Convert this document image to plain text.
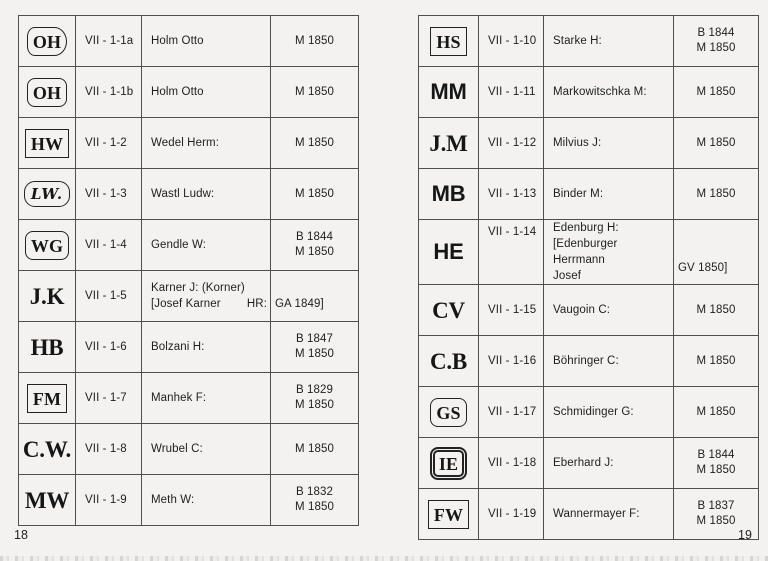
OH	VII - 1-1a	Holm Otto	M 1850

OH	VII - 1-1b	Holm Otto	M 1850

HW	VII - 1-2	Wedel Herm:	M 1850

LW.	VII - 1-3	Wastl Ludw:	M 1850

WG	VII - 1-4	Gendle W:	B 1844
M 1850

J.K	VII - 1-5	Karner J: (Korner)
[Josef Karner HR:	GA 1849]

HB	VII - 1-6	Bolzani H:	B 1847
M 1850

FM	VII - 1-7	Manhek F:	B 1829
M 1850

C.W.	VII - 1-8	Wrubel C:	M 1850

MW	VII - 1-9	Meth W:	B 1832
M 1850
HS	VII - 1-10	Starke H:	B 1844
M 1850

MM	VII - 1-11	Markowitschka M:	M 1850

J.M	VII - 1-12	Milvius J:	M 1850

MB	VII - 1-13	Binder M:	M 1850

HE	VII - 1-14	Edenburg H:
[Edenburger Herrmann
Josef	GV 1850]

CV	VII - 1-15	Vaugoin C:	M 1850

C.B	VII - 1-16	Böhringer C:	M 1850

GS	VII - 1-17	Schmidinger G:	M 1850

IE	VII - 1-18	Eberhard J:	B 1844
M 1850

FW	VII - 1-19	Wannermayer F:	B 1837
M 1850
18	19
